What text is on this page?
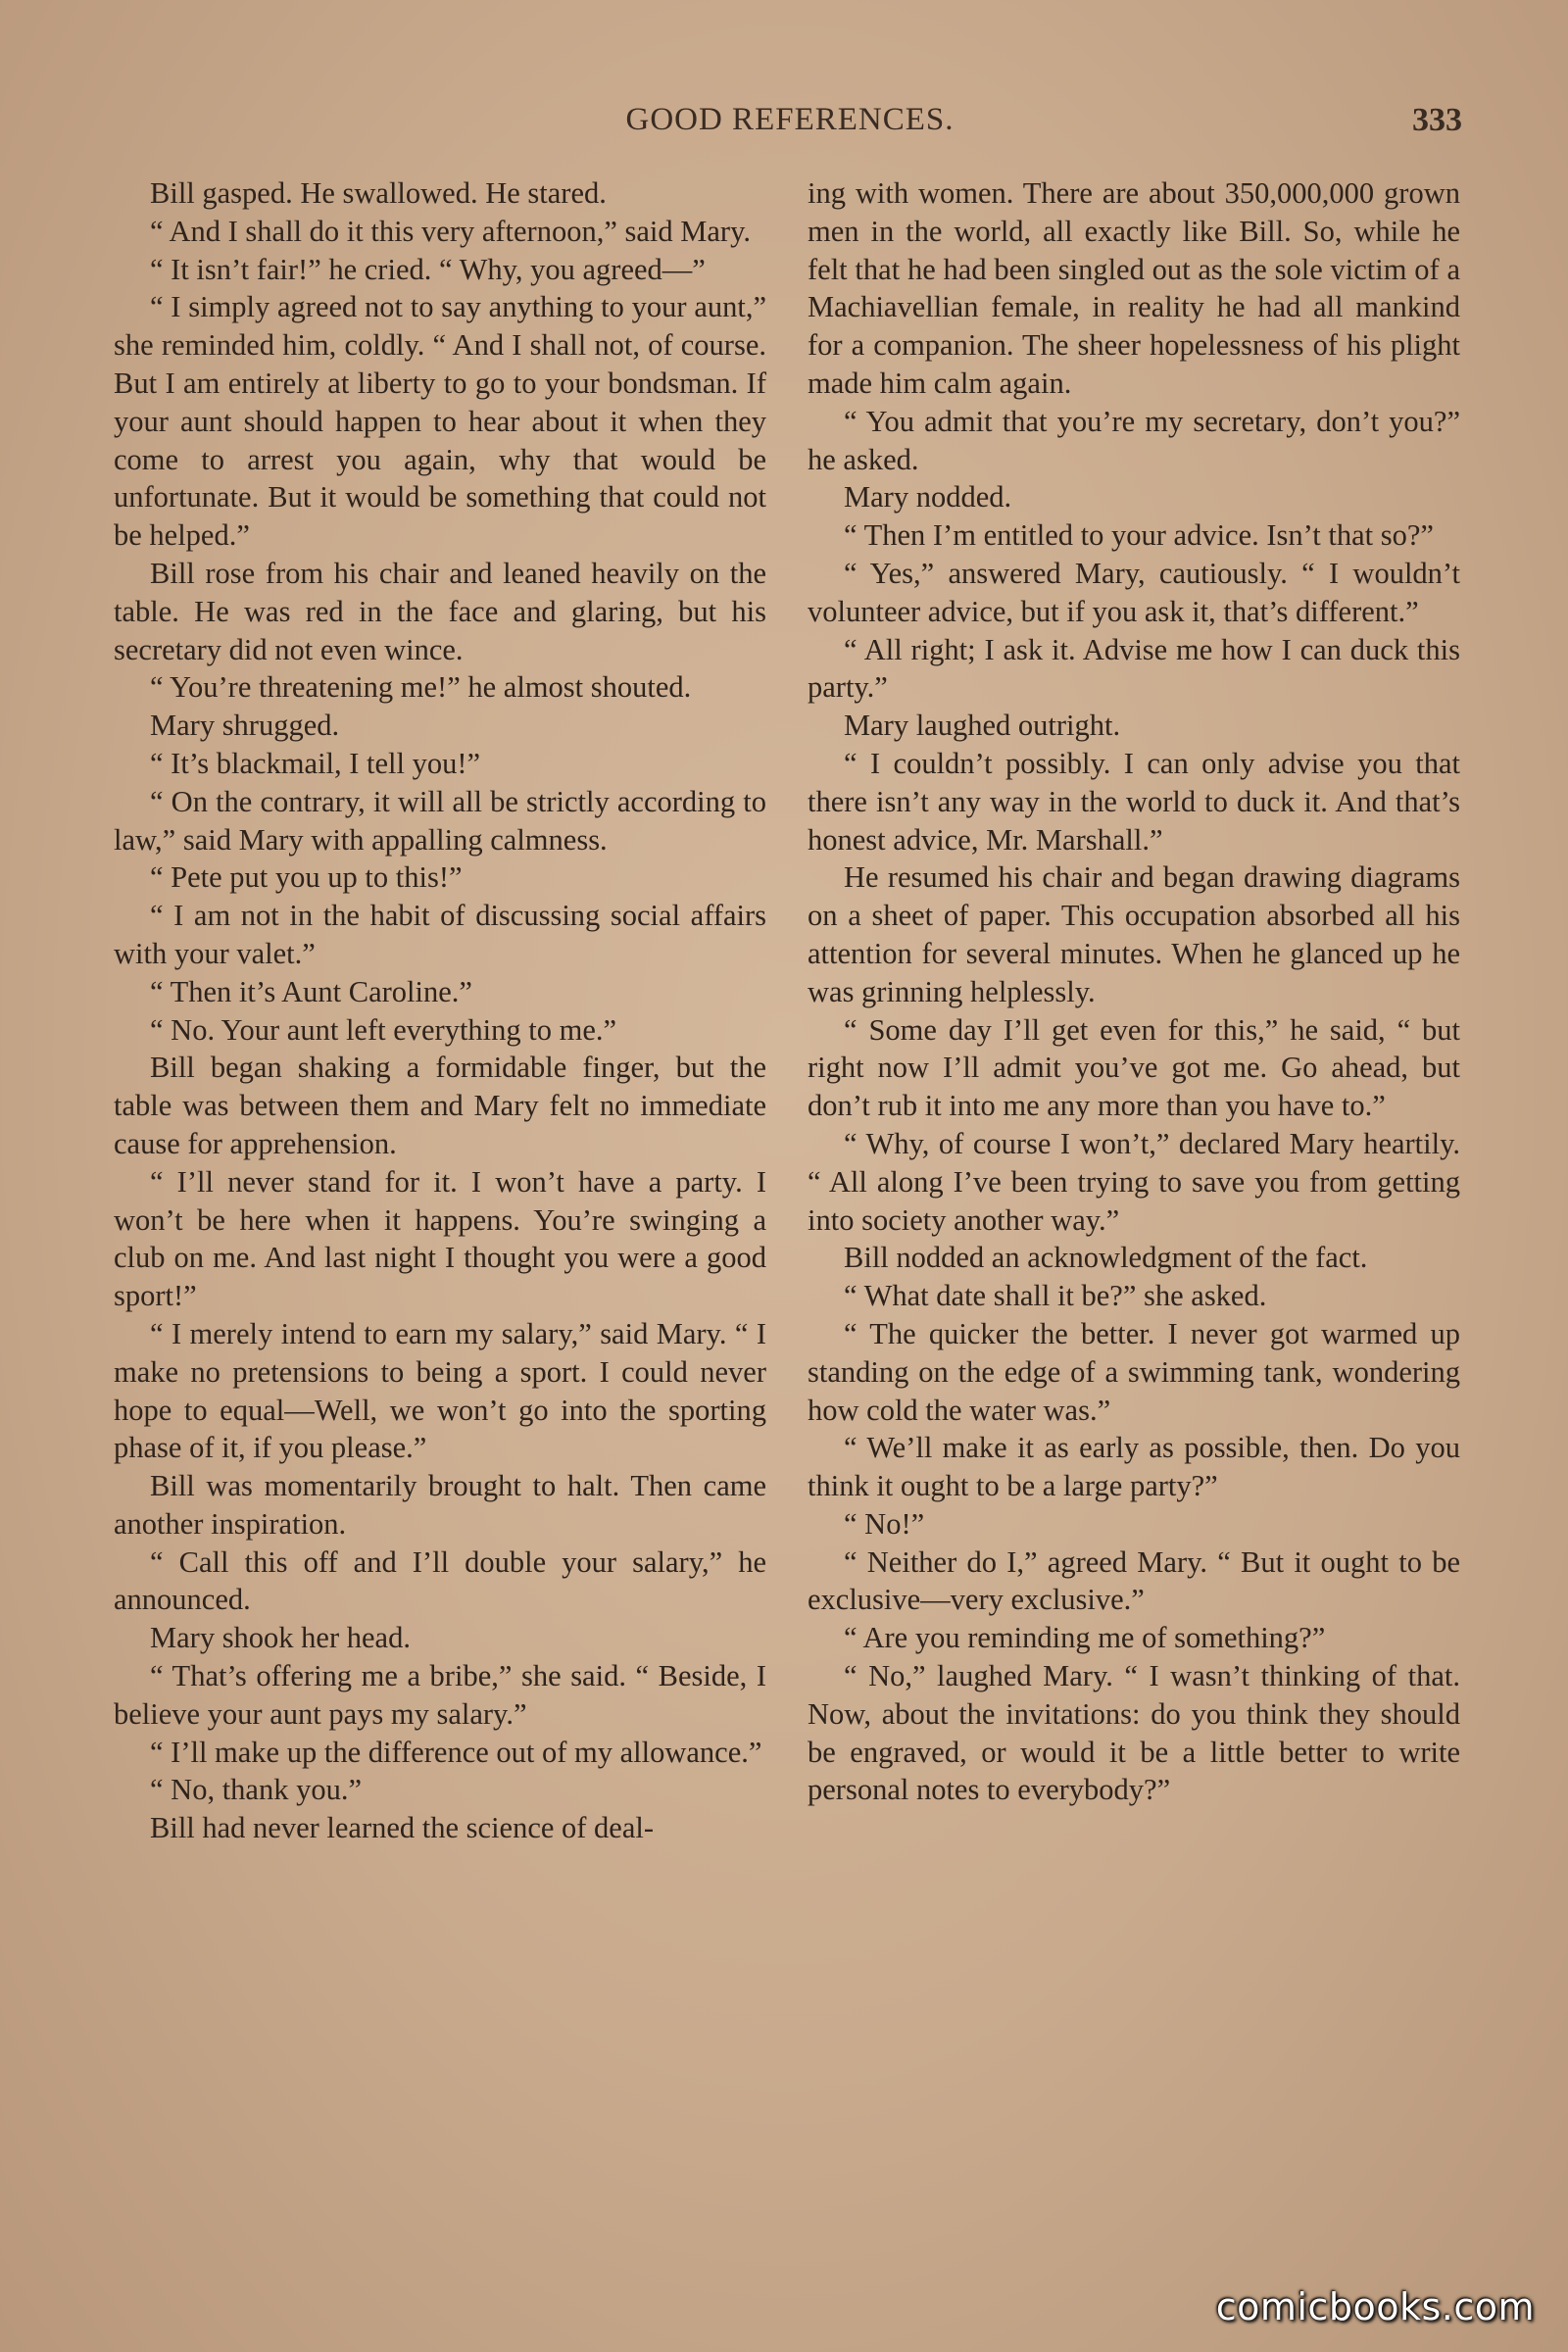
GOOD REFERENCES.	333

Bill gasped. He swallowed. He stared.

“ And I shall do it this very afternoon,” said Mary.

“ It isn’t fair!” he cried. “ Why, you agreed—”

“ I simply agreed not to say anything to your aunt,” she reminded him, coldly. “ And I shall not, of course. But I am entirely at liberty to go to your bondsman. If your aunt should happen to hear about it when they come to arrest you again, why that would be unfortunate. But it would be something that could not be helped.”

Bill rose from his chair and leaned heavily on the table. He was red in the face and glaring, but his secretary did not even wince.

“ You’re threatening me!” he almost shouted.

Mary shrugged.

“ It’s blackmail, I tell you!”

“ On the contrary, it will all be strictly according to law,” said Mary with appalling calmness.

“ Pete put you up to this!”

“ I am not in the habit of discussing social affairs with your valet.”

“ Then it’s Aunt Caroline.”

“ No. Your aunt left everything to me.”

Bill began shaking a formidable finger, but the table was between them and Mary felt no immediate cause for apprehension.

“ I’ll never stand for it. I won’t have a party. I won’t be here when it happens. You’re swinging a club on me. And last night I thought you were a good sport!”

“ I merely intend to earn my salary,” said Mary. “ I make no pretensions to being a sport. I could never hope to equal—Well, we won’t go into the sporting phase of it, if you please.”

Bill was momentarily brought to halt. Then came another inspiration.

“ Call this off and I’ll double your salary,” he announced.

Mary shook her head.

“ That’s offering me a bribe,” she said. “ Beside, I believe your aunt pays my salary.”

“ I’ll make up the difference out of my allowance.”

“ No, thank you.”

Bill had never learned the science of deal-

ing with women. There are about 350,000,000 grown men in the world, all exactly like Bill. So, while he felt that he had been singled out as the sole victim of a Machiavellian female, in reality he had all mankind for a companion. The sheer hopelessness of his plight made him calm again.

“ You admit that you’re my secretary, don’t you?” he asked.

Mary nodded.

“ Then I’m entitled to your advice. Isn’t that so?”

“ Yes,” answered Mary, cautiously. “ I wouldn’t volunteer advice, but if you ask it, that’s different.”

“ All right; I ask it. Advise me how I can duck this party.”

Mary laughed outright.

“ I couldn’t possibly. I can only advise you that there isn’t any way in the world to duck it. And that’s honest advice, Mr. Marshall.”

He resumed his chair and began drawing diagrams on a sheet of paper. This occupation absorbed all his attention for several minutes. When he glanced up he was grinning helplessly.

“ Some day I’ll get even for this,” he said, “ but right now I’ll admit you’ve got me. Go ahead, but don’t rub it into me any more than you have to.”

“ Why, of course I won’t,” declared Mary heartily. “ All along I’ve been trying to save you from getting into society another way.”

Bill nodded an acknowledgment of the fact.

“ What date shall it be?” she asked.

“ The quicker the better. I never got warmed up standing on the edge of a swimming tank, wondering how cold the water was.”

“ We’ll make it as early as possible, then. Do you think it ought to be a large party?”

“ No!”

“ Neither do I,” agreed Mary. “ But it ought to be exclusive—very exclusive.”

“ Are you reminding me of something?”

“ No,” laughed Mary. “ I wasn’t thinking of that. Now, about the invitations: do you think they should be engraved, or would it be a little better to write personal notes to everybody?”

comicbooks.com
